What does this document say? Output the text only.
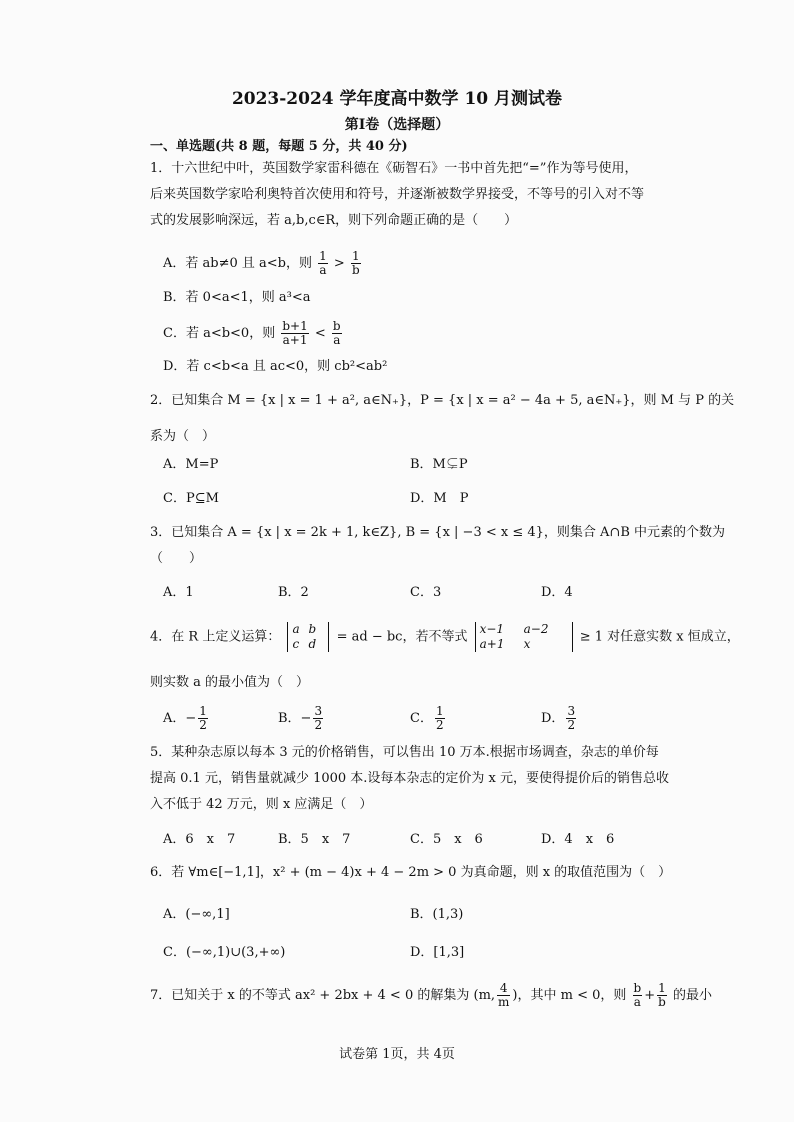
2023-2024 学年度高中数学 10 月测试卷
第Ⅰ卷（选择题）
一、单选题(共 8 题，每题 5 分，共 40 分)
1．十六世纪中叶，英国数学家雷科德在《砺智石》一书中首先把“=”作为等号使用，
后来英国数学家哈利奥特首次使用和符号，并逐渐被数学界接受，不等号的引入对不等
式的发展影响深远，若 a,b,c∈R，则下列命题正确的是（　　）
A．若 ab≠0 且 a<b，则 $\frac{1}{a} > \frac{1}{b}$
B．若 0<a<1，则 a³<a
C．若 a<b<0，则 $\frac{b+1}{a+1} < \frac{b}{a}$
D．若 c<b<a 且 ac<0，则 cb²<ab²
2．已知集合 M = {x | x = 1 + a², a∈N₊}，P = {x | x = a² − 4a + 5, a∈N₊}，则 M 与 P 的关
系为（　）
A．M=P	B．M⊊P
C．P⊆M	D．M　P
3．已知集合 A = {x | x = 2k + 1, k∈Z}, B = {x | −3 < x ≤ 4}，则集合 A∩B 中元素的个数为
（　　）
A．1	B．2	C．3	D．4
4．在 R 上定义运算：
a b
c d	= ad − bc，若不等式
x−1 a−2
a+1 x	≥ 1 对任意实数 x 恒成立，
则实数 a 的最小值为（　）
A．− $\frac{1}{2}$	B．− $\frac{3}{2}$	C． $\frac{1}{2}$	D． $\frac{3}{2}$
5．某种杂志原以每本 3 元的价格销售，可以售出 10 万本.根据市场调查，杂志的单价每
提高 0.1 元，销售量就减少 1000 本.设每本杂志的定价为 x 元，要使得提价后的销售总收
入不低于 42 万元，则 x 应满足（　）
A．6　x　7	B．5　x　7	C．5　x　6	D．4　x　6
6．若 ∀m∈[−1,1]，x² + (m − 4)x + 4 − 2m > 0 为真命题，则 x 的取值范围为（　）
A．(−∞,1]	B．(1,3)
C．(−∞,1)∪(3,+∞)	D．[1,3]
7．已知关于 x 的不等式 ax² + 2bx + 4 < 0 的解集为 (m, $\frac{4}{m}$ )，其中 m < 0，则 $\frac{b}{a} + \frac{1}{b}$ 的最小
试卷第 1页，共 4页
